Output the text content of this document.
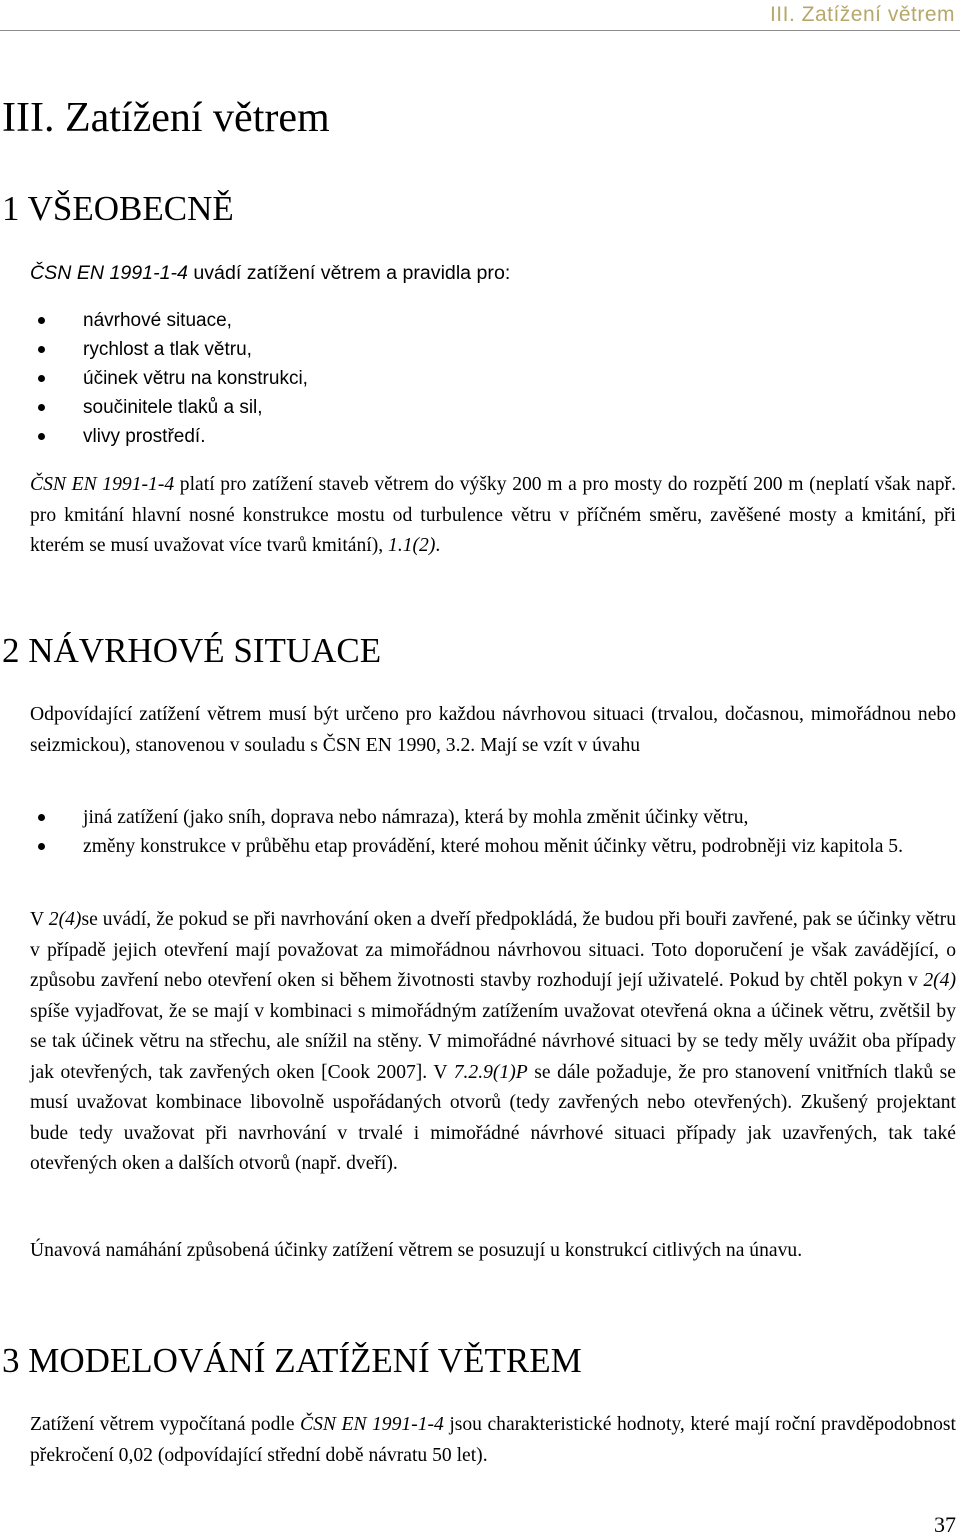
III. Zatížení větrem
III. Zatížení větrem
1 VŠEOBECNĚ

ČSN EN 1991-1-4 uvádí zatížení větrem a pravidla pro:

návrhové situace,
rychlost a tlak větru,
účinek větru na konstrukci,
součinitele tlaků a sil,
vlivy prostředí.

ČSN EN 1991-1-4 platí pro zatížení staveb větrem do výšky 200 m a pro mosty do rozpětí 200 m (neplatí však např. pro kmitání hlavní nosné konstrukce mostu od turbulence větru v příčném směru, zavěšené mosty a kmitání, při kterém se musí uvažovat více tvarů kmitání), 1.1(2).

2 NÁVRHOVÉ SITUACE

Odpovídající zatížení větrem musí být určeno pro každou návrhovou situaci (trvalou, dočasnou, mimořádnou nebo seizmickou), stanovenou v souladu s ČSN EN 1990, 3.2. Mají se vzít v úvahu

jiná zatížení (jako sníh, doprava nebo námraza), která by mohla změnit účinky větru,
změny konstrukce v průběhu etap provádění, které mohou měnit účinky větru, podrobněji viz kapitola 5.

V 2(4)se uvádí, že pokud se při navrhování oken a dveří předpokládá, že budou při bouři zavřené, pak se účinky větru v případě jejich otevření mají považovat za mimořádnou návrhovou situaci. Toto doporučení je však zavádějící, o způsobu zavření nebo otevření oken si během životnosti stavby rozhodují její uživatelé. Pokud by chtěl pokyn v 2(4) spíše vyjadřovat, že se mají v kombinaci s mimořádným zatížením uvažovat otevřená okna a účinek větru, zvětšil by se tak účinek větru na střechu, ale snížil na stěny. V mimořádné návrhové situaci by se tedy měly uvážit oba případy jak otevřených, tak zavřených oken [Cook 2007]. V 7.2.9(1)P se dále požaduje, že pro stanovení vnitřních tlaků se musí uvažovat kombinace libovolně uspořádaných otvorů (tedy zavřených nebo otevřených). Zkušený projektant bude tedy uvažovat při navrhování v trvalé i mimořádné návrhové situaci případy jak uzavřených, tak také otevřených oken a dalších otvorů (např. dveří).

Únavová namáhání způsobená účinky zatížení větrem se posuzují u konstrukcí citlivých na únavu.

3 MODELOVÁNÍ ZATÍŽENÍ VĚTREM

Zatížení větrem vypočítaná podle ČSN EN 1991-1-4 jsou charakteristické hodnoty, které mají roční pravděpodobnost překročení 0,02 (odpovídající střední době návratu 50 let).

37
